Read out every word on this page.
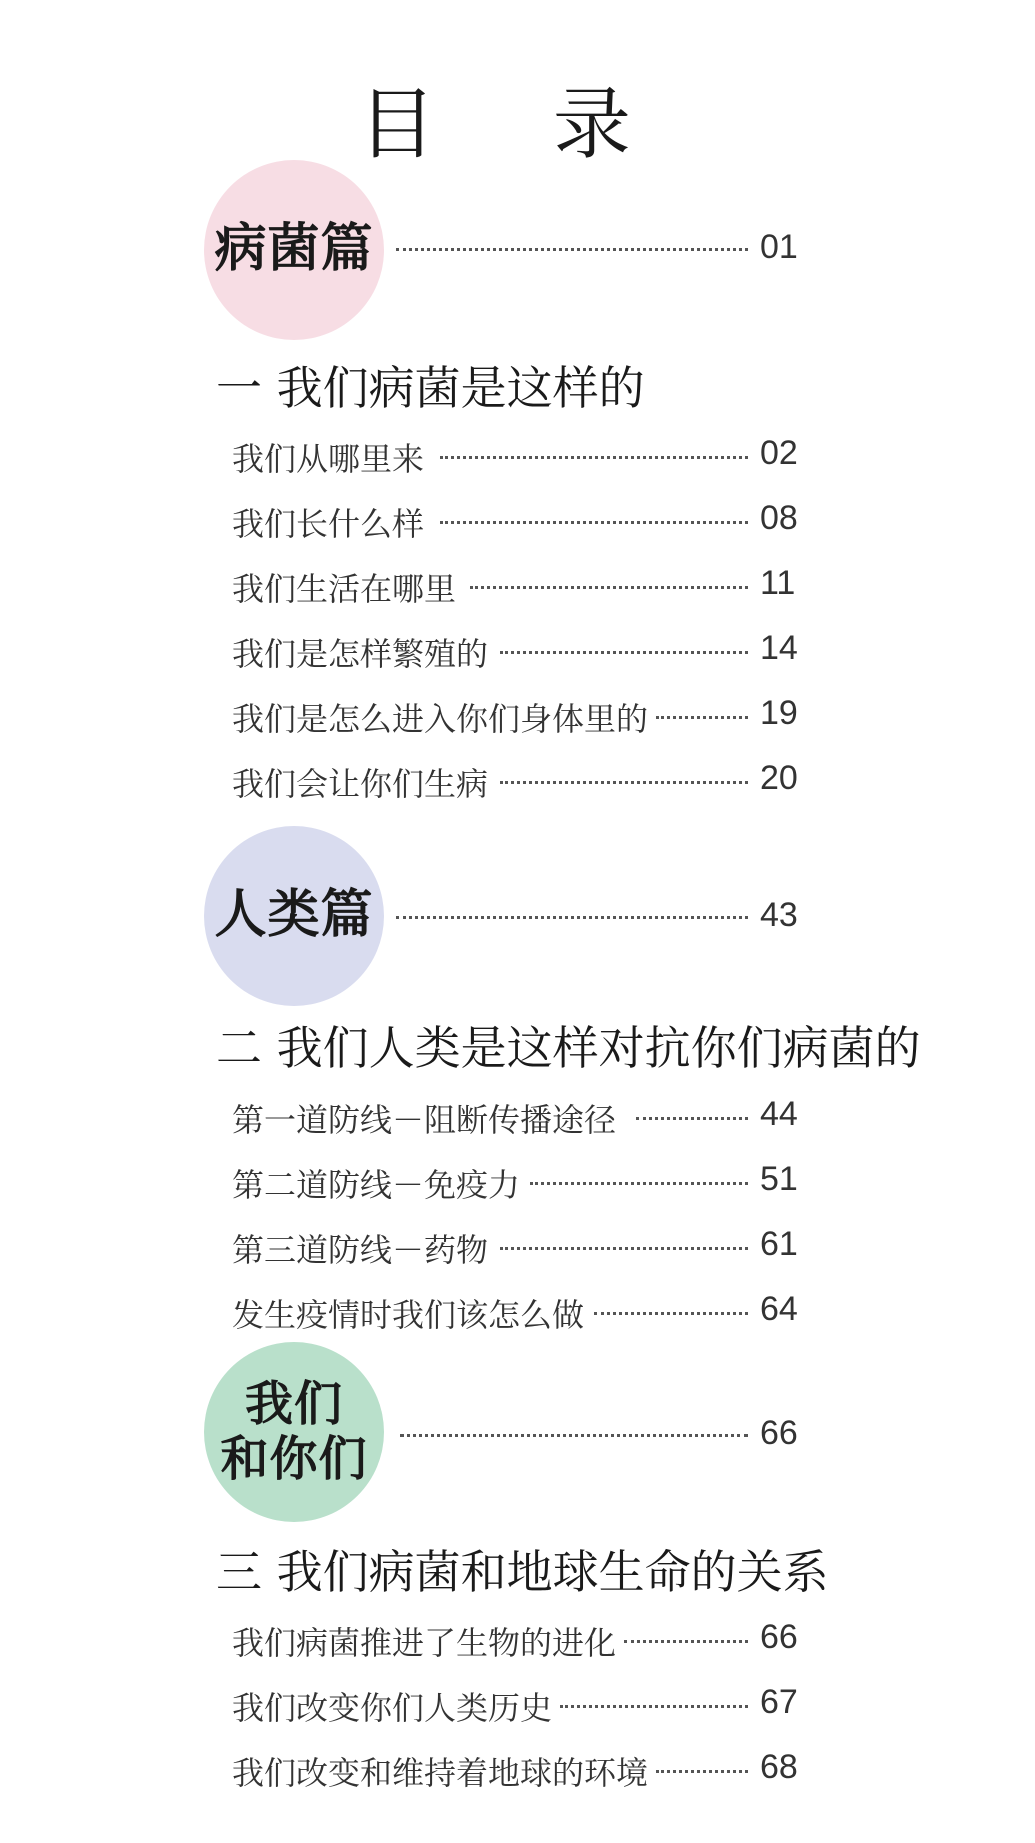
目 录
病菌篇	01
一 我们病菌是这样的
我们从哪里来	02
我们长什么样	08
我们生活在哪里	11
我们是怎样繁殖的	14
我们是怎么进入你们身体里的	19
我们会让你们生病	20
人类篇	43
二 我们人类是这样对抗你们病菌的
第一道防线－阻断传播途径	44
第二道防线－免疫力	51
第三道防线－药物	61
发生疫情时我们该怎么做	64
我们
和你们	66
三 我们病菌和地球生命的关系
我们病菌推进了生物的进化	66
我们改变你们人类历史	67
我们改变和维持着地球的环境	68
